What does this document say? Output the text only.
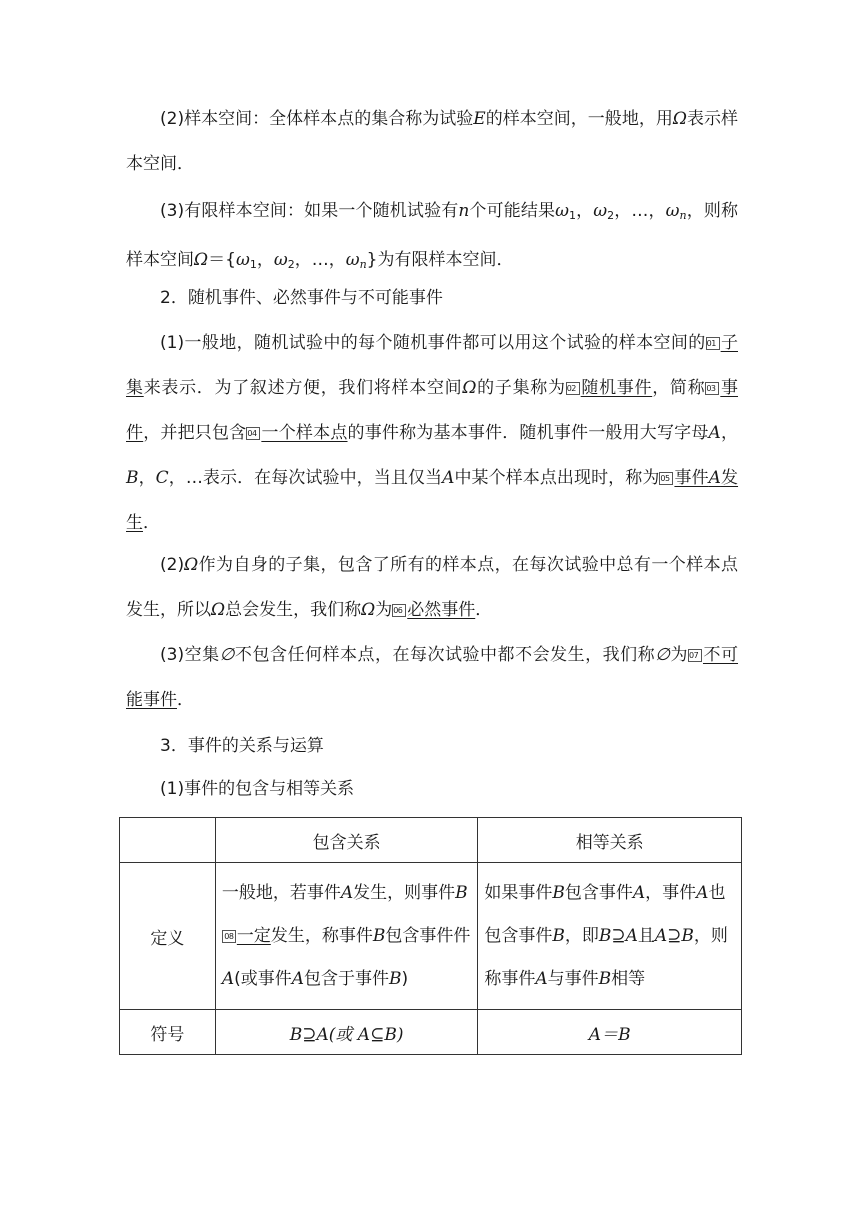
(2)样本空间：全体样本点的集合称为试验E的样本空间，一般地，用Ω表示样本空间．
(3)有限样本空间：如果一个随机试验有n个可能结果$\omega_1$，$\omega_2$，…，$\omega_n$，则称样本空间$\Omega=\{\omega_1$，$\omega_2$，…，$\omega_n$}为有限样本空间．
2．随机事件、必然事件与不可能事件
(1)一般地，随机试验中的每个随机事件都可以用这个试验的样本空间的01 子集来表示．为了叙述方便，我们将样本空间Ω的子集称为02 随机事件，简称03 事件，并把只包含04 一个样本点的事件称为基本事件．随机事件一般用大写字母A，B，C，…表示．在每次试验中，当且仅当A中某个样本点出现时，称为05 事件A发生．
(2)Ω作为自身的子集，包含了所有的样本点，在每次试验中总有一个样本点发生，所以Ω总会发生，我们称Ω为06 必然事件．
(3)空集∅不包含任何样本点，在每次试验中都不会发生，我们称∅为07 不可能事件．
3．事件的关系与运算
(1)事件的包含与相等关系
	包含关系	相等关系
定义	一般地，若事件A发生，则事件B 08 一定发生，称事件B包含事件件A(或事件A包含于事件B)	如果事件B包含事件A，事件A也包含事件B，即B⊇A且A⊇B，则称事件A与事件B相等
符号	B⊇A(或 A⊆B)	A＝B
